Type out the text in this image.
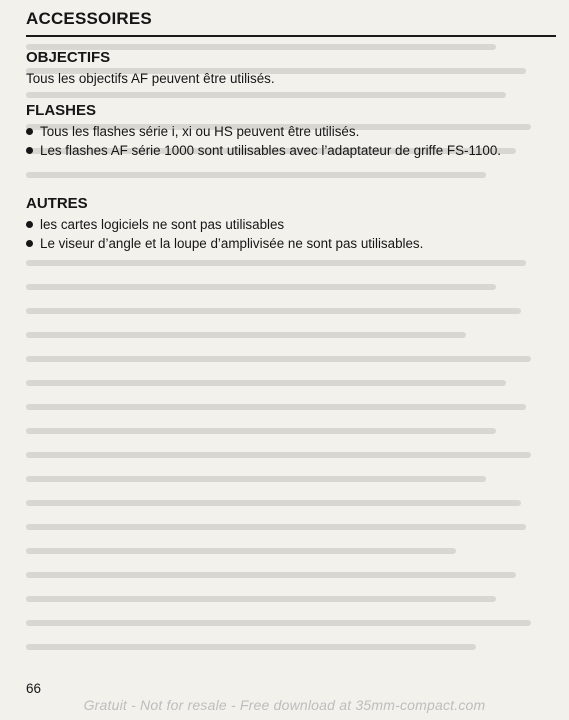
ACCESSOIRES

OBJECTIFS

Tous les objectifs AF peuvent être utilisés.

FLASHES

Tous les flashes série i, xi ou HS peuvent être utilisés.

Les flashes AF série 1000 sont utilisables avec l’adaptateur de griffe FS-1100.

AUTRES

les cartes logiciels ne sont pas utilisables

Le viseur d’angle et la loupe d’amplivisée ne sont pas utilisables.

66
Gratuit - Not for resale - Free download at 35mm-compact.com
